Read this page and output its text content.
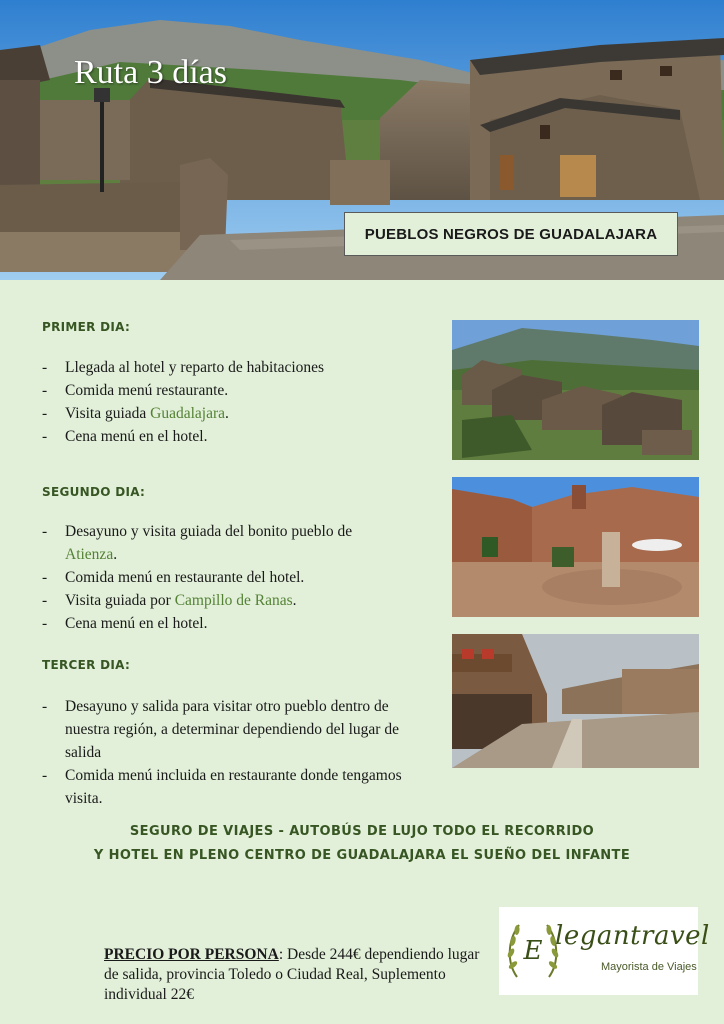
Ruta 3 días
PUEBLOS NEGROS DE GUADALAJARA
PRIMER DIA:
- Llegada al hotel y reparto de habitaciones
- Comida menú restaurante.
- Visita guiada Guadalajara.
- Cena menú en el hotel.
SEGUNDO DIA:
- Desayuno y visita guiada del bonito pueblo de Atienza.
- Comida menú en restaurante del hotel.
- Visita guiada por Campillo de Ranas.
- Cena menú en el hotel.
TERCER DIA:
- Desayuno y salida para visitar otro pueblo dentro de nuestra región, a determinar dependiendo del lugar de salida
- Comida menú incluida en restaurante donde tengamos visita.
SEGURO DE VIAJES - AUTOBÚS DE LUJO TODO EL RECORRIDO
Y HOTEL EN PLENO CENTRO DE GUADALAJARA EL SUEÑO DEL INFANTE
PRECIO POR PERSONA: Desde 244€ dependiendo lugar de salida, provincia Toledo o Ciudad Real, Suplemento individual 22€
E legantravel
Mayorista de Viajes
